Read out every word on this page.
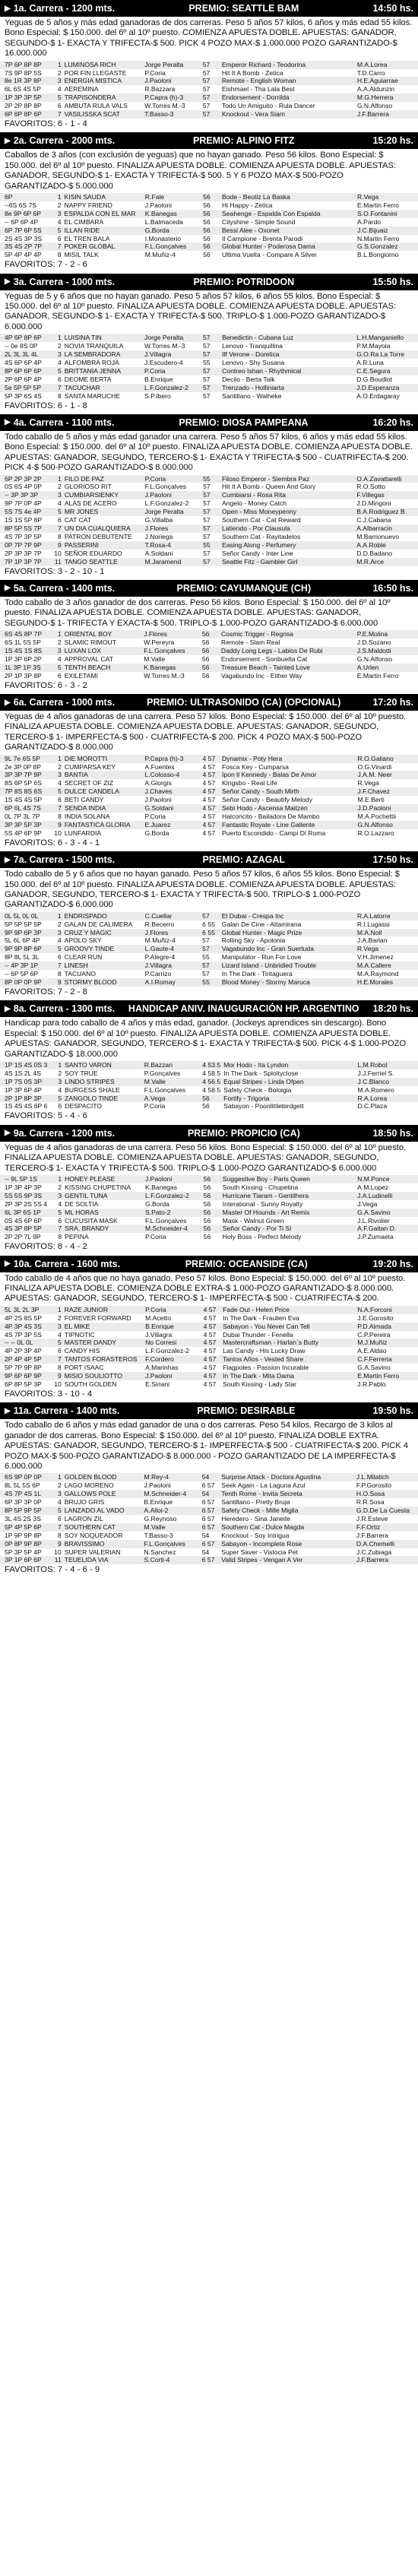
▶ 1a. Carrera - 1200 mts.	PREMIO: SEATTLE BAM	14:50 hs.
Yeguas de 5 años y más edad ganadoras de dos carreras. Peso 5 años 57 kilos, 6 años y más edad 55 kilos. Bono Especial: $ 150.000. del 6º al 10º puesto. COMIENZA APUESTA DOBLE. APUESTAS: GANADOR, SEGUNDO-$ 1- EXACTA Y TRIFECTA-$ 500. PICK 4 POZO MAX-$ 1.000.000 POZO GARANTIZADO-$ 16.000.000
7P 6P 8P 8P	1	LUMINOSA RICH	Jorge Peralta	57	Emperor Richard - Teodorina	M.A.Lorea
7S 9P 8P 5S	2	POR FIN LLEGASTE	P.Coria	57	Hit It A Bomb - Zetica	T.D.Carro
8e 1R 3P 8P	3	ENERGIA MISTICA	J.Paoloni	57	Remote - English Woman	H.E.Aguiarrae
6L 6S 4S 5P	4	AEREMINA	R.Bazzara	57	Eishmael - Tha Lala Best	A.A.Aldunzin
1P 3P 3P 5P	5	TRAPISONDERA	P.Capra (h)-3	57	Endorsement - Dorrilda	M.G.Herrera
2P 2P 8P 8P	6	AMBUTA RULA VALS	W.Torres M.-3	57	Todo Un Amiguito - Rula Dancer	G.N.Alfonso
6P 6P 8P 6P	7	VASILISSKA SCAT	T.Basso-3	57	Knockout - Vera Siam	J.F.Barrera
FAVORITOS: 6 - 1 - 4
▶ 2a. Carrera - 2000 mts.	PREMIO: ALPINO FITZ	15:20 hs.
Caballos de 3 años (con exclusión de yeguas) que no hayan ganado. Peso 56 kilos. Bono Especial: $ 150.000. del 6º al 10º puesto. FINALIZA APUESTA DOBLE. COMIENZA APUESTA DOBLE. APUESTAS: GANADOR, SEGUNDO-$ 1- EXACTA Y TRIFECTA-$ 500. 5 Y 6 POZO MAX-$ 500-POZO GARANTIZADO-$ 5.000.000
6P	1	KISIN SAUDA	R.Fale	56	Bode - Beutiz La Baska	R.Vega
--6S 6S 7S	2	NAPPY FRIEND	J.Paoloni	56	Hi Happy - Zetica	E.Martin Ferro
8e 9P 6P 6P	3	ESPALDA CON EL MAR	K.Banegas	56	Seahenge - Espalda Con Espalda	S.O.Fontanini
-- 6P 6P 4P	4	EL CIMBARA	L.Balmaceda	56	Cityshine - Simple Sound	A.Pardo
6P 7P 6P 5S	5	ILLAN RIDE	G.Borda	56	Bessi Alee - Oxonet	J.C.Bijuaiz
2S 4S 3P 3S	6	EL TREN BALA	I.Monasterio	56	Il Campione - Brenta Parodi	N.Martin Ferro
3S 4S 2P 7P	7	POKER GLOBAL	F.L.Gonçalves	56	Global Hunter - Poderosa Dama	G.S.Gonzalez
5P 4P 4P 4P	8	MISIL TALK	M.Muñiz-4	56	Ultima Vuelta - Compare A Silver	B.L.Bongiorno
FAVORITOS: 7 - 2 - 6
▶ 3a. Carrera - 1000 mts.	PREMIO: POTRIDOON	15:50 hs.
Yeguas de 5 y 6 años que no hayan ganado. Peso 5 años 57 kilos, 6 años 55 kilos. Bono Especial: $ 150.000. del 6º al 10º puesto. FINALIZA APUESTA DOBLE. COMIENZA APUESTA DOBLE. APUESTAS: GANADOR, SEGUNDO-$ 1- EXACTA Y TRIFECTA-$ 500. TRIPLO-$ 1.000-POZO GARANTIZADO-$ 6.000.000
4P 6P 8P 6P	1	LUISINA TIN	Jorge Peralta	57	Benedictin - Cubana Luz	L.H.Manganiello
-- 0e 8S 0P	2	NOVIA TRANQUILA	W.Torres M.-3	57	Lenovo - Tranquillina	P.M.Mayola
2L 3L 3L 4L	3	LA SEMBRADORA	J.Villagra	57	Ilf Verone - Dorelica	G.O.Ra La Torre
4S 6P 6P 4P	4	ALFOMBRA ROJA	J.Escudero-4	55	Lenovo - Shy Susana	A.R.Luna
8P 6P 6P 6P	5	BRITTANIA JENNA	P.Coria	57	Contreo Ishan - Rhythmical	C.E.Segura
2P 6P 6P 4P	6	DEOME BERTA	B.Enrique	57	Decilo - Berta Talk	D.G.Boudlot
5e 5P 5P 5P	7	TACUCHAR	L.F.Gonzalez-2	57	Trenzado - Holliniarta	J.D.Esperanza
5P 3P 6S 4S	8	SANTA MARUCHE	S.P.Ibero	57	Santillano - Walheke	A.O.Erdagaray
FAVORITOS: 6 - 1 - 8
▶ 4a. Carrera - 1100 mts.	PREMIO: DIOSA PAMPEANA	16:20 hs.
Todo caballo de 5 años y más edad ganador una carrera. Peso 5 años 57 kilos, 6 años y más edad 55 kilos. Bono Especial: $ 150.000. del 6º al 10º puesto. FINALIZA APUESTA DOBLE. COMIENZA APUESTA DOBLE. APUESTAS: GANADOR, SEGUNDO, TERCERO-$ 1- EXACTA Y TRIFECTA-$ 500 - CUATRIFECTA-$ 200. PICK 4-$ 500-POZO GARANTIZADO-$ 8.000.000
6P 2P 3P 2P	1	FILO DE PAZ	P.Coria	55	Filoso Emperor - Siembra Paz	O.A.Zavattarelli
0S 6S 4P 0P	2	GLORIOSO RIT	F.L.Gonçalves	57	Hit It A Bomb - Queen And Glory	R.O.Sotto
-- 3P 3P 3P	3	CUMBIARSIENKY	J.Paoloni	57	Cumbiarsi - Rosa Rita	F.Villegas
9P 7P 0P 4P	4	ALAS DE ACERO	L.F.Gonzalez-2	57	Angelo - Money Catch	J.D.Mingoni
5S 7S 4e 4P	5	MR JONES	Jorge Peralta	57	Open - Miss Moneypenny	B.A.Rodriguez B.
1S 1S 5P 8P	6	CAT CAT	G.Villalba	57	Southern Cat - Cat Reward	C.J.Cabana
8P 5P 5S 7P	7	UN DIA CUALQUIERA	J.Flores	57	Latiendo - Por Clausula	A.Albarracin
4S 7P 3P 5P	8	PATRON DEBUTENTE	J.Noriega	57	Southern Cat - Rayitadelos	M.Barrionuevo
0P 7P 7P 9P	9	PASSERINI	T.Rosa-4	55	Easing Along - Perfumery	A.A.Roble
2P 3P 3P 7P	10	SEÑOR EDUARDO	A.Soldani	57	Señor Candy - Inter Line	D.D.Badano
7P 1P 3P 7P	11	TANGO SEATTLE	M.Jaramend	57	Seattle Fitz - Gambler Girl	M.R.Arce
FAVORITOS: 3 - 2 - 10 - 1
▶ 5a. Carrera - 1400 mts.	PREMIO: CAYUMANQUE (CH)	16:50 hs.
Todo caballo de 3 años ganador de dos carreras. Peso 56 kilos. Bono Especial: $ 150.000. del 6º al 10º puesto. FINALIZA APUESTA DOBLE. COMIENZA APUESTA DOBLE. APUESTAS: GANADOR, SEGUNDO-$ 1- TRIFECTA Y EXACTA-$ 500. TRIPLO-$ 1.000-POZO GARANTIZADO-$ 6.000.000
6S 4S 8P 7P	1	ORIENTAL BOY	J.Flores	56	Cosmic Trigger - Regrisa	P.E.Molina
6S 1L 5S 5P	2	SLAMIC RIMOUT	W.Pereyra	56	Remote - Slam Real	J.D.Sozano
1S 4S 1S 8S	3	LUXAN LOX	F.L.Gonçalves	56	Daddy Long Legs - Labios De Rubi	J.S.Maldotti
1P 3P 6P 2P	4	APPROVAL CAT	M.Valle	56	Endorsement - Sonbuelta Cat	G.N.Alfonso
1L 3P 1P 3S	5	TENTH BEACH	K.Banegas	56	Treasure Beach - Tainted Love	A.Urlen
2P 1P 3P 8P	6	EXILETAMI	W.Torres M.-3	56	Vagabundo Inc - Either Way	E.Martin Ferro
FAVORITOS: 6 - 3 - 2
▶ 6a. Carrera - 1000 mts.	PREMIO: ULTRASONIDO (CA) (OPCIONAL)	17:20 hs.
Yeguas de 4 años ganadoras de una carrera. Peso 57 kilos. Bono Especial: $ 150.000. del 6º al 10º puesto. FINALIZA APUESTA DOBLE. COMIENZA APUESTA DOBLE. APUESTAS: GANADOR, SEGUNDO, TERCERO-$ 1- IMPERFECTA-$ 500 - CUATRIFECTA-$ 200. PICK 4 POZO MAX-$ 500-POZO GARANTIZADO-$ 8.000.000
9L 7e 6S 5P	1	DIE MOROTTI	P.Capra (h)-3	4 57	Dynamix - Poty Hera	R.O.Galiano
2e 3P 0P 8P	2	CUMPARSA KEY	A.Fuentes	4 57	Fosca Key - Cumparsa	O.G.Vinardi
3P 3P 7P 9P	3	BANTIA	L.Colosso-4	4 57	Ipon ll Kennedy - Balas De Amor	J.A.M. Neer
8S 6P 5P 6S	4	SECRET OF ZIZ	A.Giorgis	4 57	Kingsbo - Real Life	R.Vega
7P 8S 8S 6S	5	DULCE CANDELA	J.Chaves	4 57	Señor Candy - South Mirth	J.F.Chavez
1S 4S 4S 5P	6	BETI CANDY	J.Paoloni	4 57	Señor Candy - Beautify Melody	M.E.Berti
6P 6L 4S 7S	7	SENDA INDIA	G.Soldani	4 57	Sebi Hodo - Ascensa Maitzen	J.D.Paoloni
0L 7P 3L 7P	8	INDIA SOLANA	P.Coria	4 57	Halconcito - Bailadora De Mambo	M.A.Pochettii
3P 3P 5P 3P	9	FANTASTICA GLORIA	E.Juarez	4 57	Fantastic Royale - Line Gallente	G.N.Alfonso
5S 4P 6P 9P	10	LUNFARDIA	G.Borda	4 57	Puerto Escondido - Campi Di Roma	R.O.Lazzaro
FAVORITOS: 6 - 3 - 4 - 1
▶ 7a. Carrera - 1500 mts.	PREMIO: AZAGAL	17:50 hs.
Todo caballo de 5 y 6 años que no hayan ganado. Peso 5 años 57 kilos, 6 años 55 kilos. Bono Especial: $ 150.000. del 6º al 10º puesto. FINALIZA APUESTA DOBLE. COMIENZA APUESTA DOBLE. APUESTAS: GANADOR, SEGUNDO, TERCERO-$ 1- EXACTA Y TRIFECTA-$ 500. TRIPLO-$ 1.000-POZO GARANTIZADO-$ 6.000.000
0L 5L 0L 0L	1	ENDRISPADO	C.Cuellar	57	El Dubai - Crespa Inc	R.A.Latorre
5P 5P 5P 5P	2	GALAN DE CALIMERA	R.Becerro	6 55	Galan De Cine - Altamirana	R.I.Lugassi
9P 9P 6P 3P	3	CRUZ Y MAGIC	J.Flores	6 55	Global Hunter - Magic Prize	M.A.Noll
5L 6L 6P 4P	4	APOLO SKY	M.Muñiz-4	57	Rolling Sky - Apolonia	J.A.Barlan
9P 9P 8P 6P	5	GROOVY TINDE	L.Gaute-4	57	Vagabundo Inc - Gran Suertuda	R.Vega
8P 8L 5L 3L	6	CLEAR RUN	P.Alegre-4	55	Manipulator - Run For Love	V.H.Jimenez
-- 4P 3P 1P	7	LINESH	J.Villagra	57	Lizard Island - Unbridled Trouble	M.A.Callere
-- 6P 5P 6P	8	TACUANO	P.Carrizo	57	In The Dark - Tiritaguera	M.A.Raymond
8P 0P 0P 9P	9	STORMY BLOOD	A.I.Romay	55	Blood Money - Stormy Maruca	H.E.Morales
FAVORITOS: 7 - 2 - 8
▶ 8a. Carrera - 1300 mts.	HANDICAP ANIV. INAUGURACIÓN HP. ARGENTINO	18:20 hs.
Handicap para todo caballo de 4 años y más edad, ganador. (Jockeys aprendices sin descargo). Bono Especial: $ 150.000. del 6º al 10º puesto. FINALIZA APUESTA DOBLE. COMIENZA APUESTA DOBLE. APUESTAS: GANADOR, SEGUNDO, TERCERO-$ 1- EXACTA Y TRIFECTA-$ 500. PICK 4-$ 1.000-POZO GARANTIZADO-$ 18.000.000
1P 1S 4S 0S 3	1	SANTO VARON	R.Bazzan	4 53.5	Mor Hodo - Ita Lyndon	L.M.Robol
4S 1S 2L 4S	2	SOY TRUE	P.Gonçalves	4 58.5	In The Dark - Sploityclose	J.J.Ferriel S.
1P 7S 0S 3P	3	LINDO STRIPES	M.Valle	4 56.5	Equal Stripes - Linda Ofpen	J.C.Blanco
1P 3P 6P 4P	4	BURGESS SHALE	F.L.Gonçalves	4 58.5	Safety Check - Boloigia	M.A.Romero
2P 1P 8P 3P	5	ZANGOLO TINDE	A.Vega	56	Fortify - Trigoria	R.A.Lorea
1S 4S 4S 6P 6	6	DESPACITO	P.Coria	56	Sabayon - Poonlittlebirdgett	D.C.Plaza
FAVORITOS: 5 - 4 - 6
▶ 9a. Carrera - 1200 mts.	PREMIO: PROPICIO (CA)	18:50 hs.
Yeguas de 4 años ganadoras de una carrera. Peso 56 kilos. Bono Especial: $ 150.000. del 6º al 10º puesto. FINALIZA APUESTA DOBLE. COMIENZA APUESTA DOBLE. APUESTAS: GANADOR, SEGUNDO, TERCERO-$ 1- EXACTA Y TRIFECTA-$ 500. TRIPLO-$ 1.000-POZO GARANTIZADO-$ 6.000.000
-- 9L 5P 1S	1	HONEY PLEASE	J.Paoloni	56	Suggestive Boy - Paris Queen	N.M.Ponce
1P 3P 4P 3P	2	KISSING CHUPETINA	K.Banegas	56	South Kissing - Chupetina	A.M.Lopez
5S 5S 9P 3S	3	GENTIL TUNA	L.F.Gonzalez-2	56	Hurricane Tiaram - Gentilhera	J.A.Ludinelli
2P 3P 2S 5S 4	4	DE SOLTIA	G.Borda	56	Interational - Sunny Royalty	J.Vega
6L 3P 6S 1P	5	ML HORAS	S.Pato-2	56	Master Of Hounds - Art Remix	G.A.Savino
0S 4S 6P 6P	6	CUCUSITA MASK	F.L.Gonçalves	56	Mask - Walnut Green	J.L.Rivolier
4S 3P 8P 5P	7	SRA. BRANDY	M.Schneider-4	56	Señor Candy - Por Ti Sí	A.F.Gaitan D.
2P 2P 7L 9P	8	PEPINA	P.Coria	56	Holy Boss - Perfect Melody	J.P.Zumaeta
FAVORITOS: 8 - 4 - 2
▶ 10a. Carrera - 1600 mts.	PREMIO: OCEANSIDE (CA)	19:20 hs.
Todo caballo de 4 años que no haya ganado. Peso 57 kilos. Bono Especial: $ 150.000. del 6º al 10º puesto. FINALIZA APUESTA DOBLE. COMIENZA DOBLE EXTRA-$ 1.000-POZO GARANTIZADO-$ 8.000.000. APUESTAS: GANADOR, SEGUNDO, TERCERO-$ 1- IMPERFECTA-$ 500 - CUATRIFECTA-$ 200.
5L 3L 2L 3P	1	RAZE JUNIOR	P.Coria	4 57	Fade Out - Helen Price	N.A.Forconi
4P 2S 8S 5P	2	FOREVER FORWARD	M.Acetto	4 57	In The Dark - Fraulien Eva	J.E.Gorosito
4P 3P 4S 3S	3	EL MIKE	B.Enrique	4 57	Sabayon - You Never Can Tell	P.D.Almada
4S 7P 3P 5S	4	TIPNOTIC	J.Villagra	4 57	Dubai Thunder - Fenella	C.P.Pereira
-- -- 0L 0L	5	MASTER DANDY	No Corresi	4 57	Mastercraftsman - Harlan´s Butty	M.J.Muñiz
4P 2P 3P 4P	6	CANDY HIS	L.F.Gonzalez-2	4 57	Las Candy - His Lucky Draw	A.E.Aldao
2P 4P 4P 5P	7	TANTOS FORASTEROS	F.Cordero	4 57	Tantos Años - Vested Share	C.F.Ferreria
5P 7P 9P 8P	8	PORT ISAAC	A.Marinhas	4 57	Flagpoles - Passion Incurable	G.A.Savino
9P 6P 6P 9P	9	MISIO SOULIOTTO	J.Paoloni	4 57	In The Dark - Mita Dama	E.Martin Ferro
6P 8P 5P 3P	10	SOUTH GOLDEN	E.Siriani	4 57	South Kissing - Lady Star	J.R.Pablo
FAVORITOS: 3 - 10 - 4
▶ 11a. Carrera - 1400 mts.	PREMIO: DESIRABLE	19:50 hs.
Todo caballo de 6 años y más edad ganador de una o dos carreras. Peso 54 kilos. Recargo de 3 kilos al ganador de dos carreras. Bono Especial: $ 150.000. del 6º al 10º puesto. FINALIZA DOBLE EXTRA. APUESTAS: GANADOR, SEGUNDO, TERCERO-$ 1- IMPERFECTA-$ 500 - CUATRIFECTA-$ 200. PICK 4 POZO MAX-$ 500-POZO GARANTIZADO-$ 8.000.000 - POZO GARANTIZADO DE LA IMPERFECTA-$ 6.000.000
6S 9P 0P 0P	1	GOLDEN BLOOD	M.Rey-4	54	Surprise Attack - Doctora Agustina	J.L.Milatich
8L 5L 5S 6P	2	LAGO MORENO	J.Paoloni	6 57	Seek Again - La Laguna Azul	F.P.Gorosito
4S 7P 4S 1L	3	GALLOWS POLE	M.Schneider-4	54	Tenth Rome - Invita Secreta	H.O.Sosa
6P 3P 3P 0P	4	BRUJO GRIS	B.Enrique	6 57	Santillano - Pretty Bruja	R.R.Sosa
8P 5P 9P 5P	5	LANZADO AL VADO	A.Alloi-2	6 57	Safety Check - Mille Miglia	G.D.De La Cuesta
3L 4S 2S 3S	6	LAGRON ZIL	G.Reynoso	6 57	Heredero - Sina Janeite	J.R.Esteve
5P 4P 5P 6P	7	SOUTHERN CAT	M.Valle	6 57	Southern Cat - Dulce Magda	F.F.Ortiz
1P 9P 9P 8P	8	SOY NOQUEADOR	T.Basso-3	54	Knockout - Soy Intrigua	J.F.Barrera
0P 8P 9P 8P	9	BRAVISSIMO	F.L.Gonçalves	6 57	Sabayon - Incomplete Rose	D.A.Chemelli
5P 3P 5P 4P	10	SUPER VALERIAN	N.Sanchez	54	Super Saver - Vistocia Pet	J.C.Zubiaga
3P 1P 6P 6P	11	TEUELIDA VIA	S.Corti-4	6 57	Valid Stripes - Vengan A Ver	J.F.Barrera
FAVORITOS: 7 - 4 - 6 - 9
